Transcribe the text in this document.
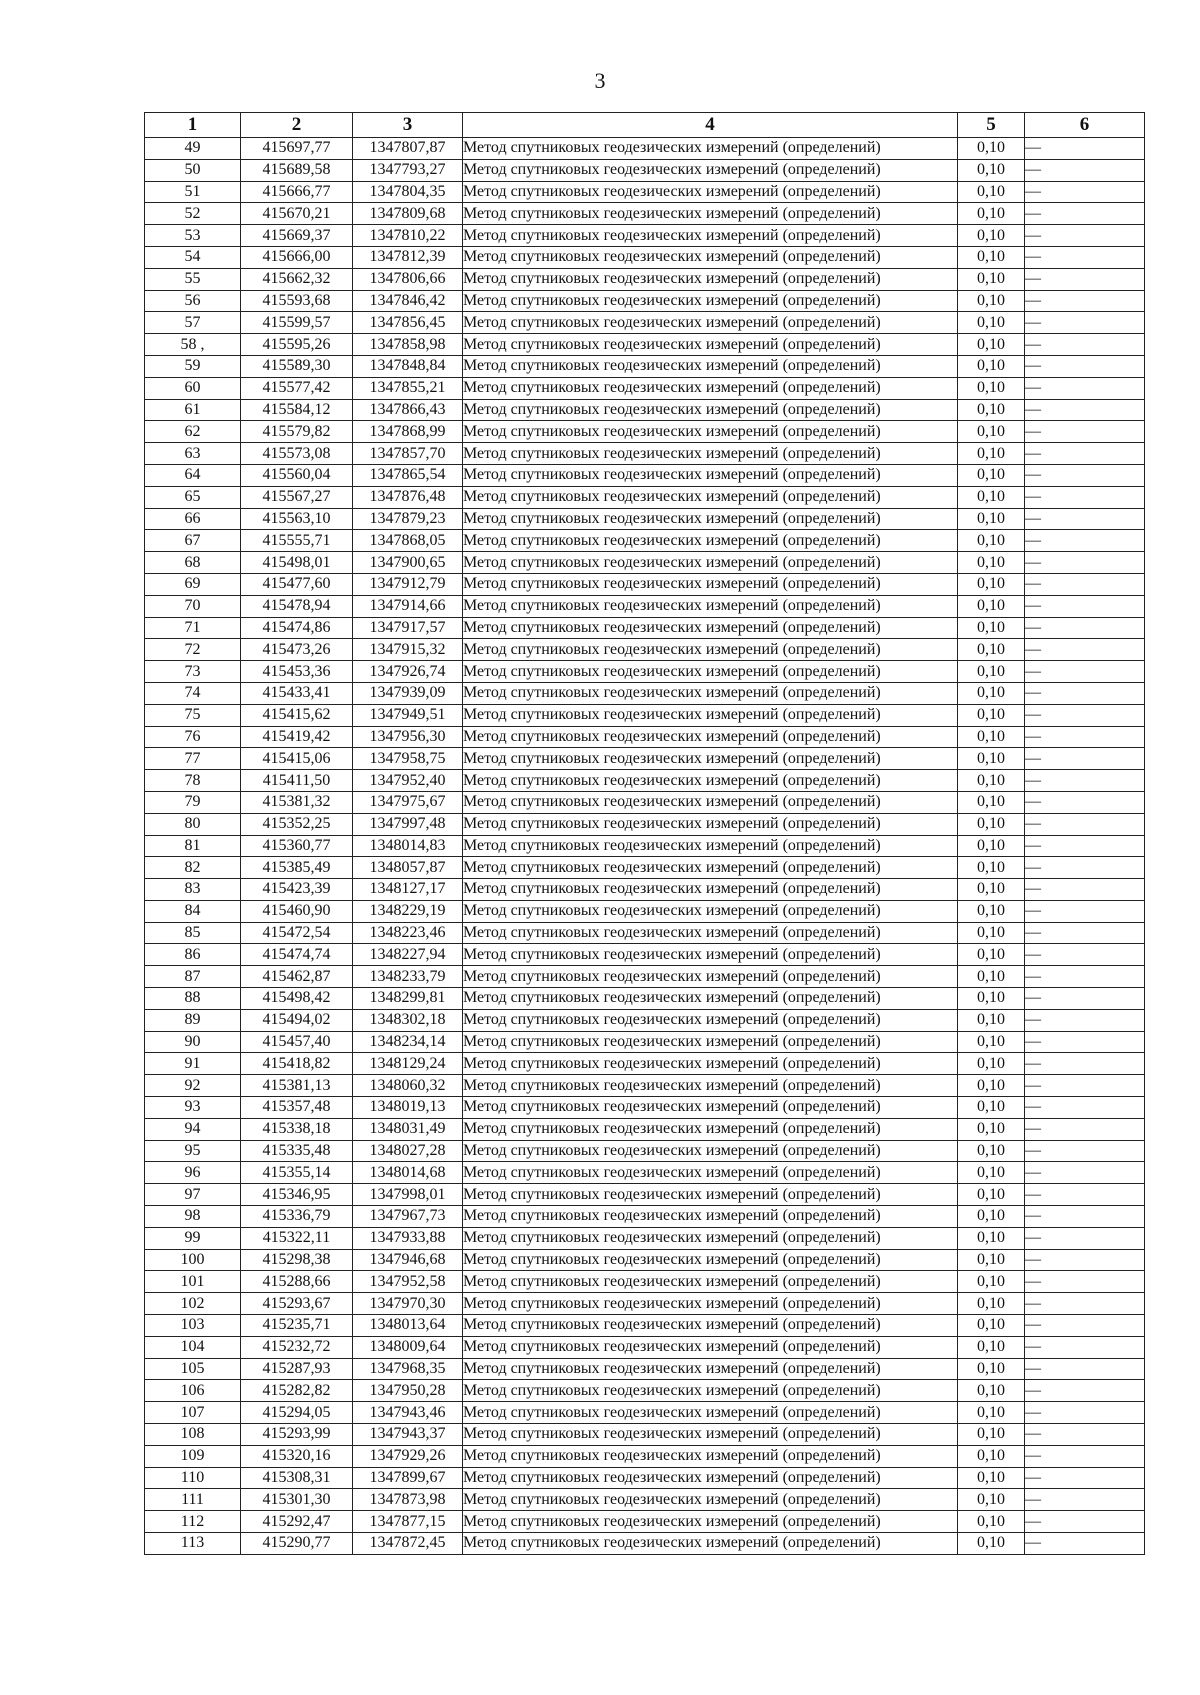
3
1	2	3	4	5	6
49	415697,77	1347807,87	Метод спутниковых геодезических измерений (определений)	0,10	—
50	415689,58	1347793,27	Метод спутниковых геодезических измерений (определений)	0,10	—
51	415666,77	1347804,35	Метод спутниковых геодезических измерений (определений)	0,10	—
52	415670,21	1347809,68	Метод спутниковых геодезических измерений (определений)	0,10	—
53	415669,37	1347810,22	Метод спутниковых геодезических измерений (определений)	0,10	—
54	415666,00	1347812,39	Метод спутниковых геодезических измерений (определений)	0,10	—
55	415662,32	1347806,66	Метод спутниковых геодезических измерений (определений)	0,10	—
56	415593,68	1347846,42	Метод спутниковых геодезических измерений (определений)	0,10	—
57	415599,57	1347856,45	Метод спутниковых геодезических измерений (определений)	0,10	—
58 ,	415595,26	1347858,98	Метод спутниковых геодезических измерений (определений)	0,10	—
59	415589,30	1347848,84	Метод спутниковых геодезических измерений (определений)	0,10	—
60	415577,42	1347855,21	Метод спутниковых геодезических измерений (определений)	0,10	—
61	415584,12	1347866,43	Метод спутниковых геодезических измерений (определений)	0,10	—
62	415579,82	1347868,99	Метод спутниковых геодезических измерений (определений)	0,10	—
63	415573,08	1347857,70	Метод спутниковых геодезических измерений (определений)	0,10	—
64	415560,04	1347865,54	Метод спутниковых геодезических измерений (определений)	0,10	—
65	415567,27	1347876,48	Метод спутниковых геодезических измерений (определений)	0,10	—
66	415563,10	1347879,23	Метод спутниковых геодезических измерений (определений)	0,10	—
67	415555,71	1347868,05	Метод спутниковых геодезических измерений (определений)	0,10	—
68	415498,01	1347900,65	Метод спутниковых геодезических измерений (определений)	0,10	—
69	415477,60	1347912,79	Метод спутниковых геодезических измерений (определений)	0,10	—
70	415478,94	1347914,66	Метод спутниковых геодезических измерений (определений)	0,10	—
71	415474,86	1347917,57	Метод спутниковых геодезических измерений (определений)	0,10	—
72	415473,26	1347915,32	Метод спутниковых геодезических измерений (определений)	0,10	—
73	415453,36	1347926,74	Метод спутниковых геодезических измерений (определений)	0,10	—
74	415433,41	1347939,09	Метод спутниковых геодезических измерений (определений)	0,10	—
75	415415,62	1347949,51	Метод спутниковых геодезических измерений (определений)	0,10	—
76	415419,42	1347956,30	Метод спутниковых геодезических измерений (определений)	0,10	—
77	415415,06	1347958,75	Метод спутниковых геодезических измерений (определений)	0,10	—
78	415411,50	1347952,40	Метод спутниковых геодезических измерений (определений)	0,10	—
79	415381,32	1347975,67	Метод спутниковых геодезических измерений (определений)	0,10	—
80	415352,25	1347997,48	Метод спутниковых геодезических измерений (определений)	0,10	—
81	415360,77	1348014,83	Метод спутниковых геодезических измерений (определений)	0,10	—
82	415385,49	1348057,87	Метод спутниковых геодезических измерений (определений)	0,10	—
83	415423,39	1348127,17	Метод спутниковых геодезических измерений (определений)	0,10	—
84	415460,90	1348229,19	Метод спутниковых геодезических измерений (определений)	0,10	—
85	415472,54	1348223,46	Метод спутниковых геодезических измерений (определений)	0,10	—
86	415474,74	1348227,94	Метод спутниковых геодезических измерений (определений)	0,10	—
87	415462,87	1348233,79	Метод спутниковых геодезических измерений (определений)	0,10	—
88	415498,42	1348299,81	Метод спутниковых геодезических измерений (определений)	0,10	—
89	415494,02	1348302,18	Метод спутниковых геодезических измерений (определений)	0,10	—
90	415457,40	1348234,14	Метод спутниковых геодезических измерений (определений)	0,10	—
91	415418,82	1348129,24	Метод спутниковых геодезических измерений (определений)	0,10	—
92	415381,13	1348060,32	Метод спутниковых геодезических измерений (определений)	0,10	—
93	415357,48	1348019,13	Метод спутниковых геодезических измерений (определений)	0,10	—
94	415338,18	1348031,49	Метод спутниковых геодезических измерений (определений)	0,10	—
95	415335,48	1348027,28	Метод спутниковых геодезических измерений (определений)	0,10	—
96	415355,14	1348014,68	Метод спутниковых геодезических измерений (определений)	0,10	—
97	415346,95	1347998,01	Метод спутниковых геодезических измерений (определений)	0,10	—
98	415336,79	1347967,73	Метод спутниковых геодезических измерений (определений)	0,10	—
99	415322,11	1347933,88	Метод спутниковых геодезических измерений (определений)	0,10	—
100	415298,38	1347946,68	Метод спутниковых геодезических измерений (определений)	0,10	—
101	415288,66	1347952,58	Метод спутниковых геодезических измерений (определений)	0,10	—
102	415293,67	1347970,30	Метод спутниковых геодезических измерений (определений)	0,10	—
103	415235,71	1348013,64	Метод спутниковых геодезических измерений (определений)	0,10	—
104	415232,72	1348009,64	Метод спутниковых геодезических измерений (определений)	0,10	—
105	415287,93	1347968,35	Метод спутниковых геодезических измерений (определений)	0,10	—
106	415282,82	1347950,28	Метод спутниковых геодезических измерений (определений)	0,10	—
107	415294,05	1347943,46	Метод спутниковых геодезических измерений (определений)	0,10	—
108	415293,99	1347943,37	Метод спутниковых геодезических измерений (определений)	0,10	—
109	415320,16	1347929,26	Метод спутниковых геодезических измерений (определений)	0,10	—
110	415308,31	1347899,67	Метод спутниковых геодезических измерений (определений)	0,10	—
111	415301,30	1347873,98	Метод спутниковых геодезических измерений (определений)	0,10	—
112	415292,47	1347877,15	Метод спутниковых геодезических измерений (определений)	0,10	—
113	415290,77	1347872,45	Метод спутниковых геодезических измерений (определений)	0,10	—
